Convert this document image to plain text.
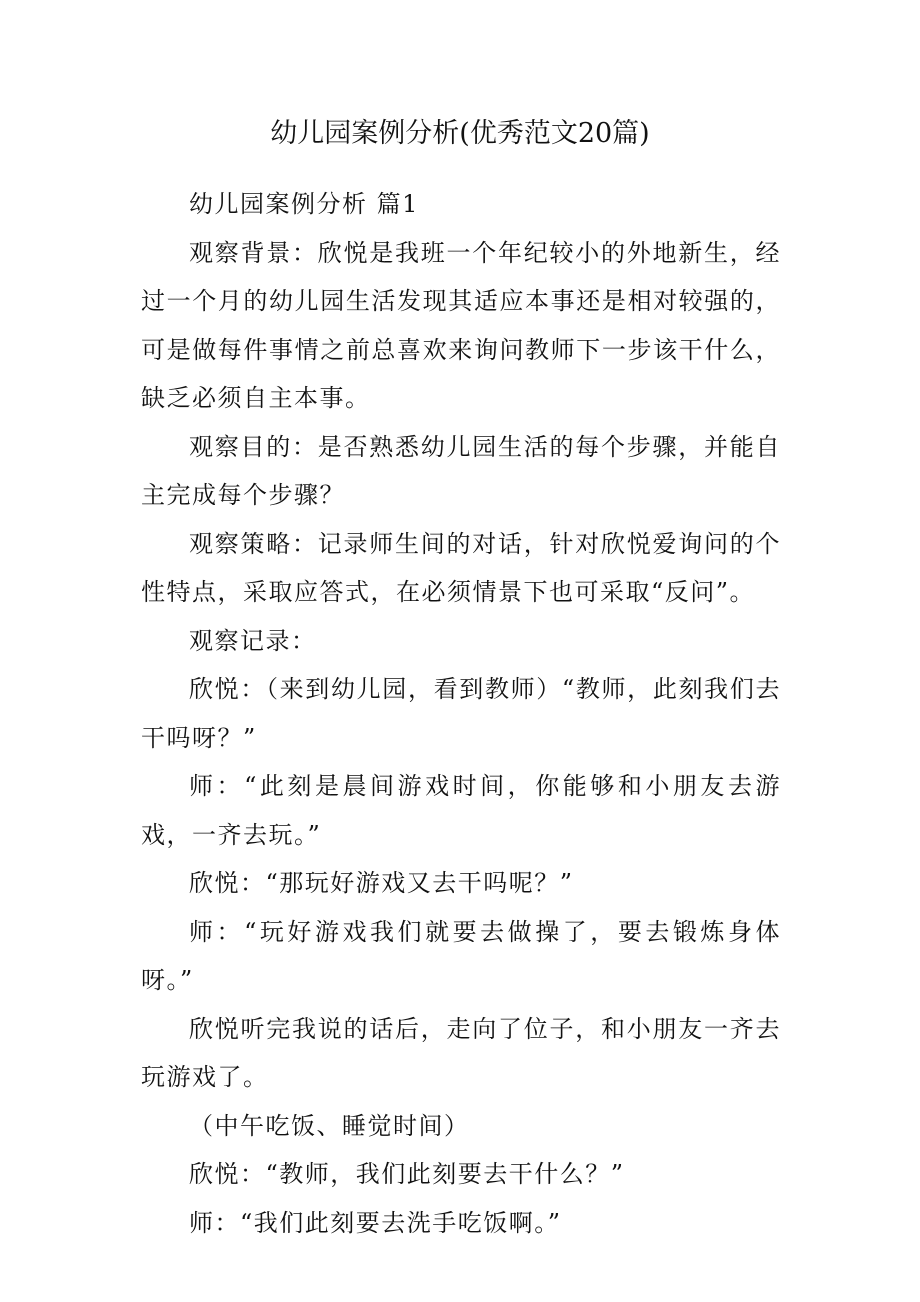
幼儿园案例分析(优秀范文20篇)

幼儿园案例分析 篇1

观察背景：欣悦是我班一个年纪较小的外地新生，经过一个月的幼儿园生活发现其适应本事还是相对较强的，可是做每件事情之前总喜欢来询问教师下一步该干什么，缺乏必须自主本事。

观察目的：是否熟悉幼儿园生活的每个步骤，并能自主完成每个步骤？

观察策略：记录师生间的对话，针对欣悦爱询问的个性特点，采取应答式，在必须情景下也可采取“反问”。

观察记录：

欣悦：（来到幼儿园，看到教师）“教师，此刻我们去干吗呀？”

师：“此刻是晨间游戏时间，你能够和小朋友去游戏，一齐去玩。”

欣悦：“那玩好游戏又去干吗呢？”

师：“玩好游戏我们就要去做操了，要去锻炼身体呀。”

欣悦听完我说的话后，走向了位子，和小朋友一齐去玩游戏了。

（中午吃饭、睡觉时间）

欣悦：“教师，我们此刻要去干什么？”

师：“我们此刻要去洗手吃饭啊。”
